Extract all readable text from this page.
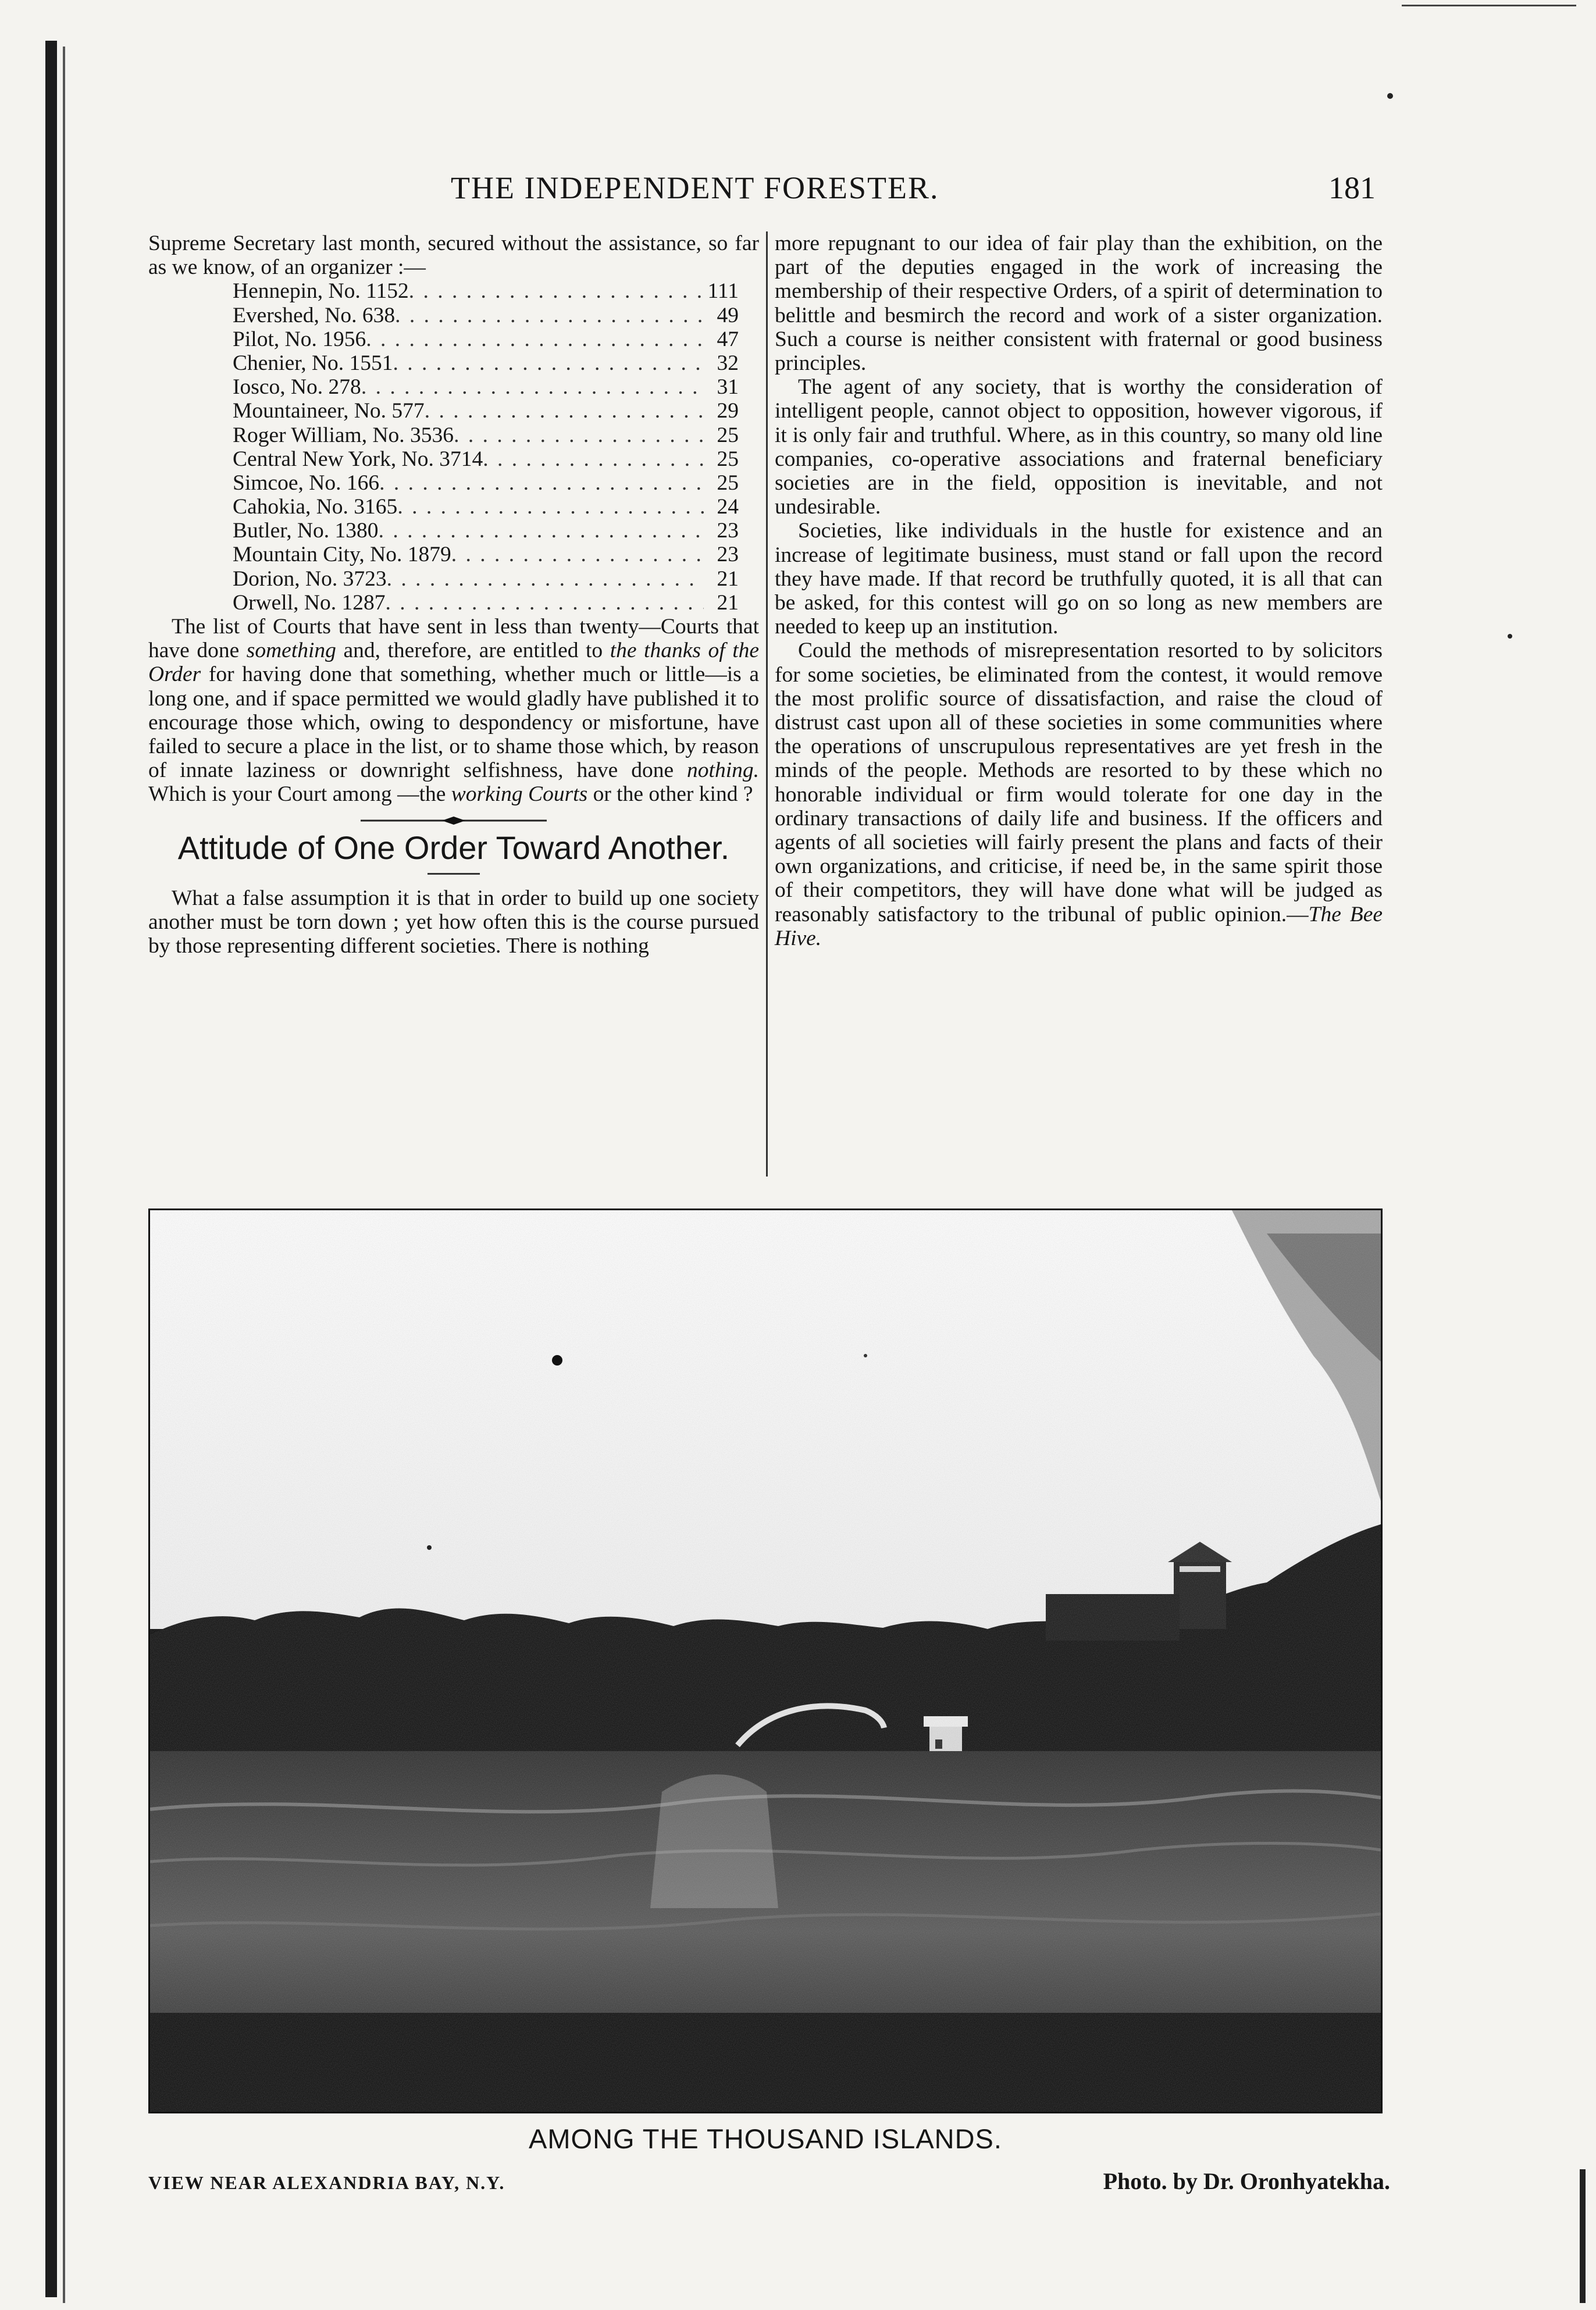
THE INDEPENDENT FORESTER.	181

Supreme Secretary last month, secured without the assistance, so far as we know, of an organizer :—

Hennepin, No. 1152 . . .	111
Evershed, No. 638 . . .	49
Pilot, No. 1956 . . .	47
Chenier, No. 1551 . . .	32
Iosco, No. 278 . . .	31
Mountaineer, No. 577 . . .	29
Roger William, No. 3536 . . .	25
Central New York, No. 3714 . . .	25
Simcoe, No. 166 . . .	25
Cahokia, No. 3165 . . .	24
Butler, No. 1380 . . .	23
Mountain City, No. 1879 . . .	23
Dorion, No. 3723 . . .	21
Orwell, No. 1287 . . .	21

The list of Courts that have sent in less than twenty—Courts that have done something and, therefore, are entitled to the thanks of the Order for having done that something, whether much or little—is a long one, and if space permitted we would gladly have published it to encourage those which, owing to despondency or misfortune, have failed to secure a place in the list, or to shame those which, by reason of innate laziness or downright selfishness, have done nothing. Which is your Court among —the working Courts or the other kind ?

Attitude of One Order Toward Another.

What a false assumption it is that in order to build up one society another must be torn down ; yet how often this is the course pursued by those representing different societies. There is nothing

more repugnant to our idea of fair play than the exhibition, on the part of the deputies engaged in the work of increasing the membership of their respective Orders, of a spirit of determination to belittle and besmirch the record and work of a sister organization. Such a course is neither consistent with fraternal or good business principles.

The agent of any society, that is worthy the consideration of intelligent people, cannot object to opposition, however vigorous, if it is only fair and truthful. Where, as in this country, so many old line companies, co-operative associations and fraternal beneficiary societies are in the field, opposition is inevitable, and not undesirable.

Societies, like individuals in the hustle for existence and an increase of legitimate business, must stand or fall upon the record they have made. If that record be truthfully quoted, it is all that can be asked, for this contest will go on so long as new members are needed to keep up an institution.

Could the methods of misrepresentation resorted to by solicitors for some societies, be eliminated from the contest, it would remove the most prolific source of dissatisfaction, and raise the cloud of distrust cast upon all of these societies in some communities where the operations of unscrupulous representatives are yet fresh in the minds of the people. Methods are resorted to by these which no honorable individual or firm would tolerate for one day in the ordinary transactions of daily life and business. If the officers and agents of all societies will fairly present the plans and facts of their own organizations, and criticise, if need be, in the same spirit those of their competitors, they will have done what will be judged as reasonably satisfactory to the tribunal of public opinion.—The Bee Hive.

AMONG THE THOUSAND ISLANDS.
VIEW NEAR ALEXANDRIA BAY, N.Y.	Photo. by Dr. Oronhyatekha.
